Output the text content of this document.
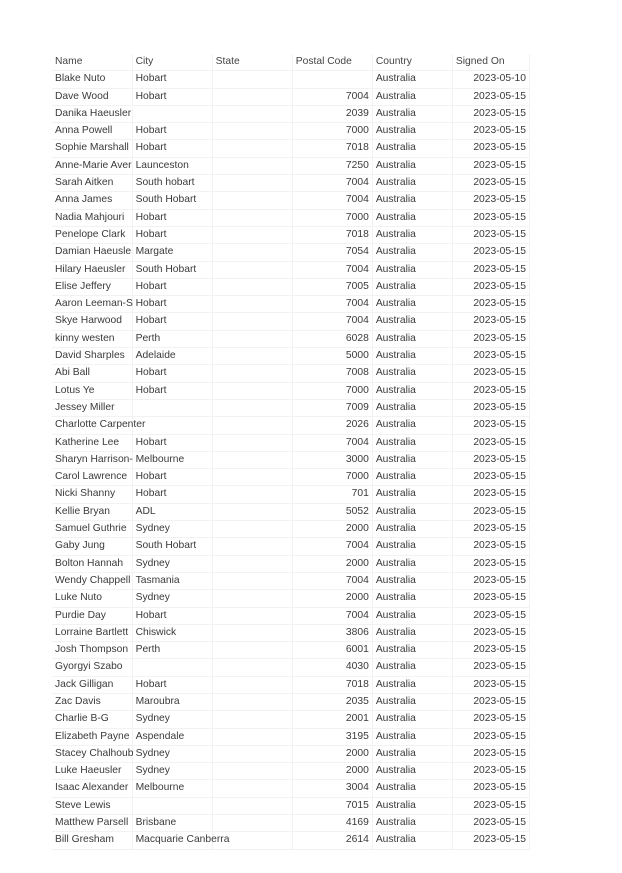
Name	City	State	Postal Code	Country	Signed On
Blake Nuto	Hobart			Australia	2023-05-10
Dave Wood	Hobart		7004	Australia	2023-05-15
Danika Haeusler			2039	Australia	2023-05-15
Anna Powell	Hobart		7000	Australia	2023-05-15
Sophie Marshall	Hobart		7018	Australia	2023-05-15
Anne-Marie Aver	Launceston		7250	Australia	2023-05-15
Sarah Aitken	South hobart		7004	Australia	2023-05-15
Anna James	South Hobart		7004	Australia	2023-05-15
Nadia Mahjouri	Hobart		7000	Australia	2023-05-15
Penelope Clark	Hobart		7018	Australia	2023-05-15
Damian Haeusle	Margate		7054	Australia	2023-05-15
Hilary Haeusler	South Hobart		7004	Australia	2023-05-15
Elise Jeffery	Hobart		7005	Australia	2023-05-15
Aaron Leeman-S	Hobart		7004	Australia	2023-05-15
Skye Harwood	Hobart		7004	Australia	2023-05-15
kinny westen	Perth		6028	Australia	2023-05-15
David Sharples	Adelaide		5000	Australia	2023-05-15
Abi Ball	Hobart		7008	Australia	2023-05-15
Lotus Ye	Hobart		7000	Australia	2023-05-15
Jessey Miller			7009	Australia	2023-05-15
Charlotte Carpenter			2026	Australia	2023-05-15
Katherine Lee	Hobart		7004	Australia	2023-05-15
Sharyn Harrison-	Melbourne		3000	Australia	2023-05-15
Carol Lawrence	Hobart		7000	Australia	2023-05-15
Nicki Shanny	Hobart		701	Australia	2023-05-15
Kellie Bryan	ADL		5052	Australia	2023-05-15
Samuel Guthrie	Sydney		2000	Australia	2023-05-15
Gaby Jung	South Hobart		7004	Australia	2023-05-15
Bolton Hannah	Sydney		2000	Australia	2023-05-15
Wendy Chappell	Tasmania		7004	Australia	2023-05-15
Luke Nuto	Sydney		2000	Australia	2023-05-15
Purdie Day	Hobart		7004	Australia	2023-05-15
Lorraine Bartlett	Chiswick		3806	Australia	2023-05-15
Josh Thompson	Perth		6001	Australia	2023-05-15
Gyorgyi Szabo			4030	Australia	2023-05-15
Jack Gilligan	Hobart		7018	Australia	2023-05-15
Zac Davis	Maroubra		2035	Australia	2023-05-15
Charlie B-G	Sydney		2001	Australia	2023-05-15
Elizabeth Payne	Aspendale		3195	Australia	2023-05-15
Stacey Chalhoub	Sydney		2000	Australia	2023-05-15
Luke Haeusler	Sydney		2000	Australia	2023-05-15
Isaac Alexander	Melbourne		3004	Australia	2023-05-15
Steve Lewis			7015	Australia	2023-05-15
Matthew Parsell	Brisbane		4169	Australia	2023-05-15
Bill Gresham	Macquarie Canberra		2614	Australia	2023-05-15
